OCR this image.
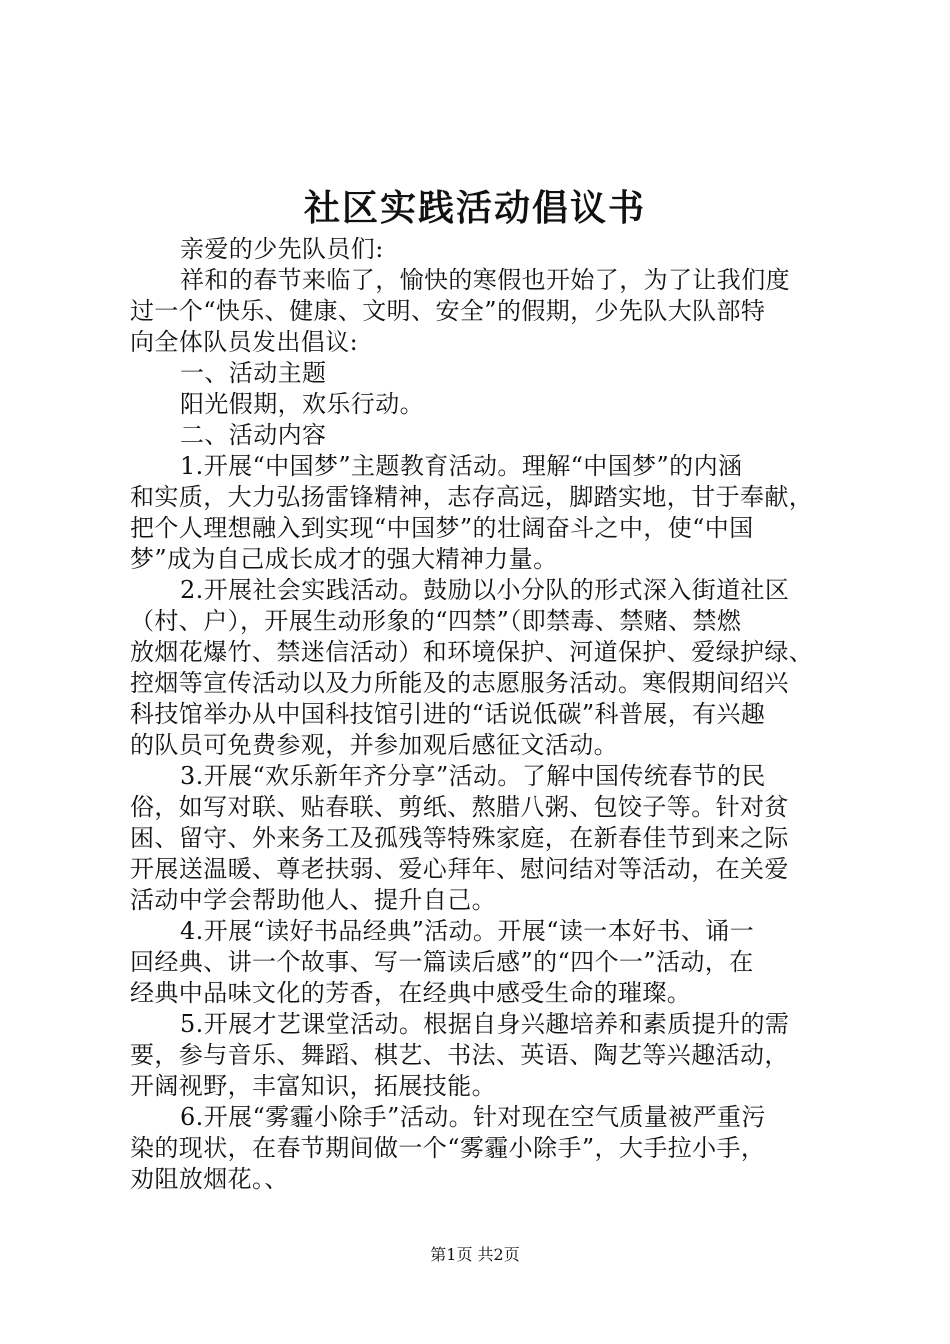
社区实践活动倡议书
亲爱的少先队员们:
祥和的春节来临了，愉快的寒假也开始了，为了让我们度
过一个“快乐、健康、文明、安全”的假期，少先队大队部特
向全体队员发出倡议:
一、活动主题
阳光假期，欢乐行动。
二、活动内容
1.开展“中国梦”主题教育活动。理解“中国梦”的内涵
和实质，大力弘扬雷锋精神，志存高远，脚踏实地，甘于奉献，
把个人理想融入到实现“中国梦”的壮阔奋斗之中，使“中国
梦”成为自己成长成才的强大精神力量。
2.开展社会实践活动。鼓励以小分队的形式深入街道社区
（村、户），开展生动形象的“四禁”（即禁毒、禁赌、禁燃
放烟花爆竹、禁迷信活动）和环境保护、河道保护、爱绿护绿、
控烟等宣传活动以及力所能及的志愿服务活动。寒假期间绍兴
科技馆举办从中国科技馆引进的“话说低碳”科普展，有兴趣
的队员可免费参观，并参加观后感征文活动。
3.开展“欢乐新年齐分享”活动。了解中国传统春节的民
俗，如写对联、贴春联、剪纸、熬腊八粥、包饺子等。针对贫
困、留守、外来务工及孤残等特殊家庭，在新春佳节到来之际
开展送温暖、尊老扶弱、爱心拜年、慰问结对等活动，在关爱
活动中学会帮助他人、提升自己。
4.开展“读好书品经典”活动。开展“读一本好书、诵一
回经典、讲一个故事、写一篇读后感”的“四个一”活动，在
经典中品味文化的芳香，在经典中感受生命的璀璨。
5.开展才艺课堂活动。根据自身兴趣培养和素质提升的需
要，参与音乐、舞蹈、棋艺、书法、英语、陶艺等兴趣活动，
开阔视野，丰富知识，拓展技能。
6.开展“雾霾小除手”活动。针对现在空气质量被严重污
染的现状，在春节期间做一个“雾霾小除手”，大手拉小手，
劝阻放烟花。、
第1页 共2页
